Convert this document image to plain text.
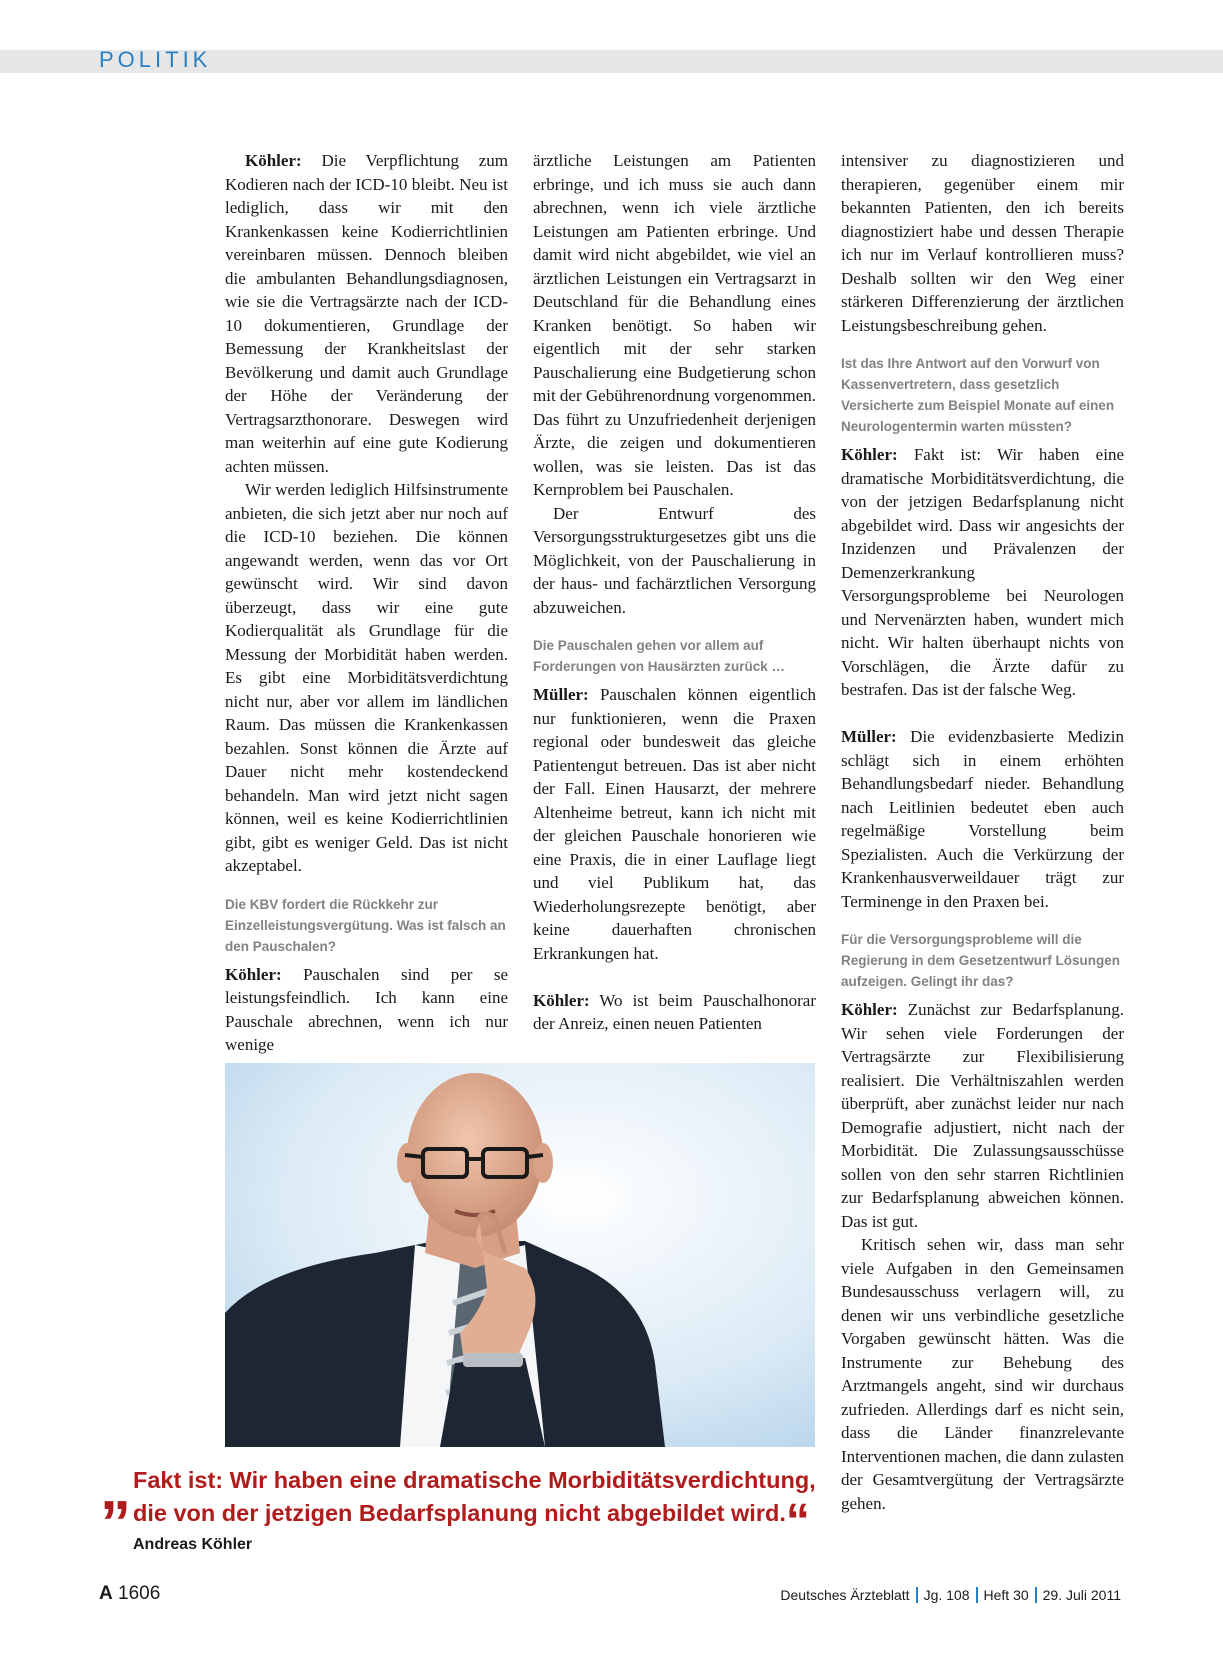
POLITIK

Köhler: Die Verpflichtung zum Kodieren nach der ICD-10 bleibt. Neu ist lediglich, dass wir mit den Krankenkassen keine Kodierrichtlinien vereinbaren müssen. Dennoch bleiben die ambulanten Behandlungsdiagnosen, wie sie die Vertragsärzte nach der ICD-10 dokumentieren, Grundlage der Bemessung der Krankheitslast der Bevölkerung und damit auch Grundlage der Höhe der Veränderung der Vertragsarzthonorare. Deswegen wird man weiterhin auf eine gute Kodierung achten müssen.

Wir werden lediglich Hilfsinstrumente anbieten, die sich jetzt aber nur noch auf die ICD-10 beziehen. Die können angewandt werden, wenn das vor Ort gewünscht wird. Wir sind davon überzeugt, dass wir eine gute Kodierqualität als Grundlage für die Messung der Morbidität haben werden. Es gibt eine Morbiditätsverdichtung nicht nur, aber vor allem im ländlichen Raum. Das müssen die Krankenkassen bezahlen. Sonst können die Ärzte auf Dauer nicht mehr kostendeckend behandeln. Man wird jetzt nicht sagen können, weil es keine Kodierrichtlinien gibt, gibt es weniger Geld. Das ist nicht akzeptabel.

Die KBV fordert die Rückkehr zur Einzelleistungsvergütung. Was ist falsch an den Pauschalen?

Köhler: Pauschalen sind per se leistungsfeindlich. Ich kann eine Pauschale abrechnen, wenn ich nur wenige

ärztliche Leistungen am Patienten erbringe, und ich muss sie auch dann abrechnen, wenn ich viele ärztliche Leistungen am Patienten erbringe. Und damit wird nicht abgebildet, wie viel an ärztlichen Leistungen ein Vertragsarzt in Deutschland für die Behandlung eines Kranken benötigt. So haben wir eigentlich mit der sehr starken Pauschalierung eine Budgetierung schon mit der Gebührenordnung vorgenommen. Das führt zu Unzufriedenheit derjenigen Ärzte, die zeigen und dokumentieren wollen, was sie leisten. Das ist das Kernproblem bei Pauschalen.

Der Entwurf des Versorgungsstrukturgesetzes gibt uns die Möglichkeit, von der Pauschalierung in der haus- und fachärztlichen Versorgung abzuweichen.

Die Pauschalen gehen vor allem auf Forderungen von Hausärzten zurück …

Müller: Pauschalen können eigentlich nur funktionieren, wenn die Praxen regional oder bundesweit das gleiche Patientengut betreuen. Das ist aber nicht der Fall. Einen Hausarzt, der mehrere Altenheime betreut, kann ich nicht mit der gleichen Pauschale honorieren wie eine Praxis, die in einer Lauflage liegt und viel Publikum hat, das Wiederholungsrezepte benötigt, aber keine dauerhaften chronischen Erkrankungen hat.

Köhler: Wo ist beim Pauschalhonorar der Anreiz, einen neuen Patienten

intensiver zu diagnostizieren und therapieren, gegenüber einem mir bekannten Patienten, den ich bereits diagnostiziert habe und dessen Therapie ich nur im Verlauf kontrollieren muss? Deshalb sollten wir den Weg einer stärkeren Differenzierung der ärztlichen Leistungsbeschreibung gehen.

Ist das Ihre Antwort auf den Vorwurf von Kassenvertretern, dass gesetzlich Versicherte zum Beispiel Monate auf einen Neurologentermin warten müssten?

Köhler: Fakt ist: Wir haben eine dramatische Morbiditätsverdichtung, die von der jetzigen Bedarfsplanung nicht abgebildet wird. Dass wir angesichts der Inzidenzen und Prävalenzen der Demenzerkrankung Versorgungsprobleme bei Neurologen und Nervenärzten haben, wundert mich nicht. Wir halten überhaupt nichts von Vorschlägen, die Ärzte dafür zu bestrafen. Das ist der falsche Weg.

Müller: Die evidenzbasierte Medizin schlägt sich in einem erhöhten Behandlungsbedarf nieder. Behandlung nach Leitlinien bedeutet eben auch regelmäßige Vorstellung beim Spezialisten. Auch die Verkürzung der Krankenhausverweildauer trägt zur Terminenge in den Praxen bei.

Für die Versorgungsprobleme will die Regierung in dem Gesetzentwurf Lösungen aufzeigen. Gelingt ihr das?

Köhler: Zunächst zur Bedarfsplanung. Wir sehen viele Forderungen der Vertragsärzte zur Flexibilisierung realisiert. Die Verhältniszahlen werden überprüft, aber zunächst leider nur nach Demografie adjustiert, nicht nach der Morbidität. Die Zulassungsausschüsse sollen von den sehr starren Richtlinien zur Bedarfsplanung abweichen können. Das ist gut.

Kritisch sehen wir, dass man sehr viele Aufgaben in den Gemeinsamen Bundesausschuss verlagern will, zu denen wir uns verbindliche gesetzliche Vorgaben gewünscht hätten. Was die Instrumente zur Behebung des Arztmangels angeht, sind wir durchaus zufrieden. Allerdings darf es nicht sein, dass die Länder finanzrelevante Interventionen machen, die dann zulasten der Gesamtvergütung der Vertragsärzte gehen.

„ Fakt ist: Wir haben eine dramatische Morbiditätsverdichtung, die von der jetzigen Bedarfsplanung nicht abgebildet wird.“
Andreas Köhler
A 1606	Deutsches Ärzteblatt Jg. 108 Heft 30 29. Juli 2011
